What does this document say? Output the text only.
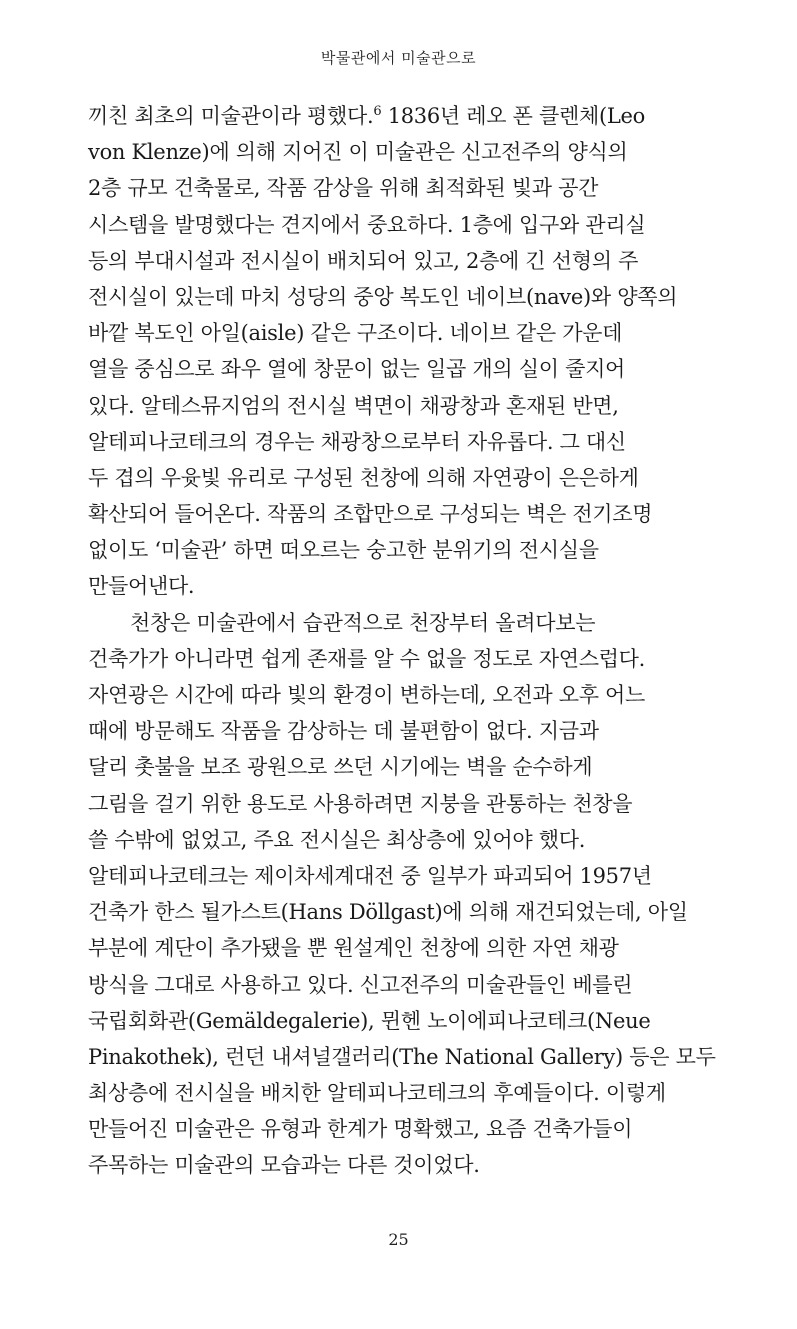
박물관에서 미술관으로
끼친 최초의 미술관이라 평했다.$^6$ 1836년 레오 폰 클렌체(Leo
von Klenze)에 의해 지어진 이 미술관은 신고전주의 양식의
2층 규모 건축물로, 작품 감상을 위해 최적화된 빛과 공간
시스템을 발명했다는 견지에서 중요하다. 1층에 입구와 관리실
등의 부대시설과 전시실이 배치되어 있고, 2층에 긴 선형의 주
전시실이 있는데 마치 성당의 중앙 복도인 네이브(nave)와 양쪽의
바깥 복도인 아일(aisle) 같은 구조이다. 네이브 같은 가운데
열을 중심으로 좌우 열에 창문이 없는 일곱 개의 실이 줄지어
있다. 알테스뮤지엄의 전시실 벽면이 채광창과 혼재된 반면,
알테피나코테크의 경우는 채광창으로부터 자유롭다. 그 대신
두 겹의 우윳빛 유리로 구성된 천창에 의해 자연광이 은은하게
확산되어 들어온다. 작품의 조합만으로 구성되는 벽은 전기조명
없이도 ‘미술관’ 하면 떠오르는 숭고한 분위기의 전시실을
만들어낸다.
천창은 미술관에서 습관적으로 천장부터 올려다보는
건축가가 아니라면 쉽게 존재를 알 수 없을 정도로 자연스럽다.
자연광은 시간에 따라 빛의 환경이 변하는데, 오전과 오후 어느
때에 방문해도 작품을 감상하는 데 불편함이 없다. 지금과
달리 촛불을 보조 광원으로 쓰던 시기에는 벽을 순수하게
그림을 걸기 위한 용도로 사용하려면 지붕을 관통하는 천창을
쓸 수밖에 없었고, 주요 전시실은 최상층에 있어야 했다.
알테피나코테크는 제이차세계대전 중 일부가 파괴되어 1957년
건축가 한스 될가스트(Hans Döllgast)에 의해 재건되었는데, 아일
부분에 계단이 추가됐을 뿐 원설계인 천창에 의한 자연 채광
방식을 그대로 사용하고 있다. 신고전주의 미술관들인 베를린
국립회화관(Gemäldegalerie), 뮌헨 노이에피나코테크(Neue
Pinakothek), 런던 내셔널갤러리(The National Gallery) 등은 모두
최상층에 전시실을 배치한 알테피나코테크의 후예들이다. 이렇게
만들어진 미술관은 유형과 한계가 명확했고, 요즘 건축가들이
주목하는 미술관의 모습과는 다른 것이었다.
25
